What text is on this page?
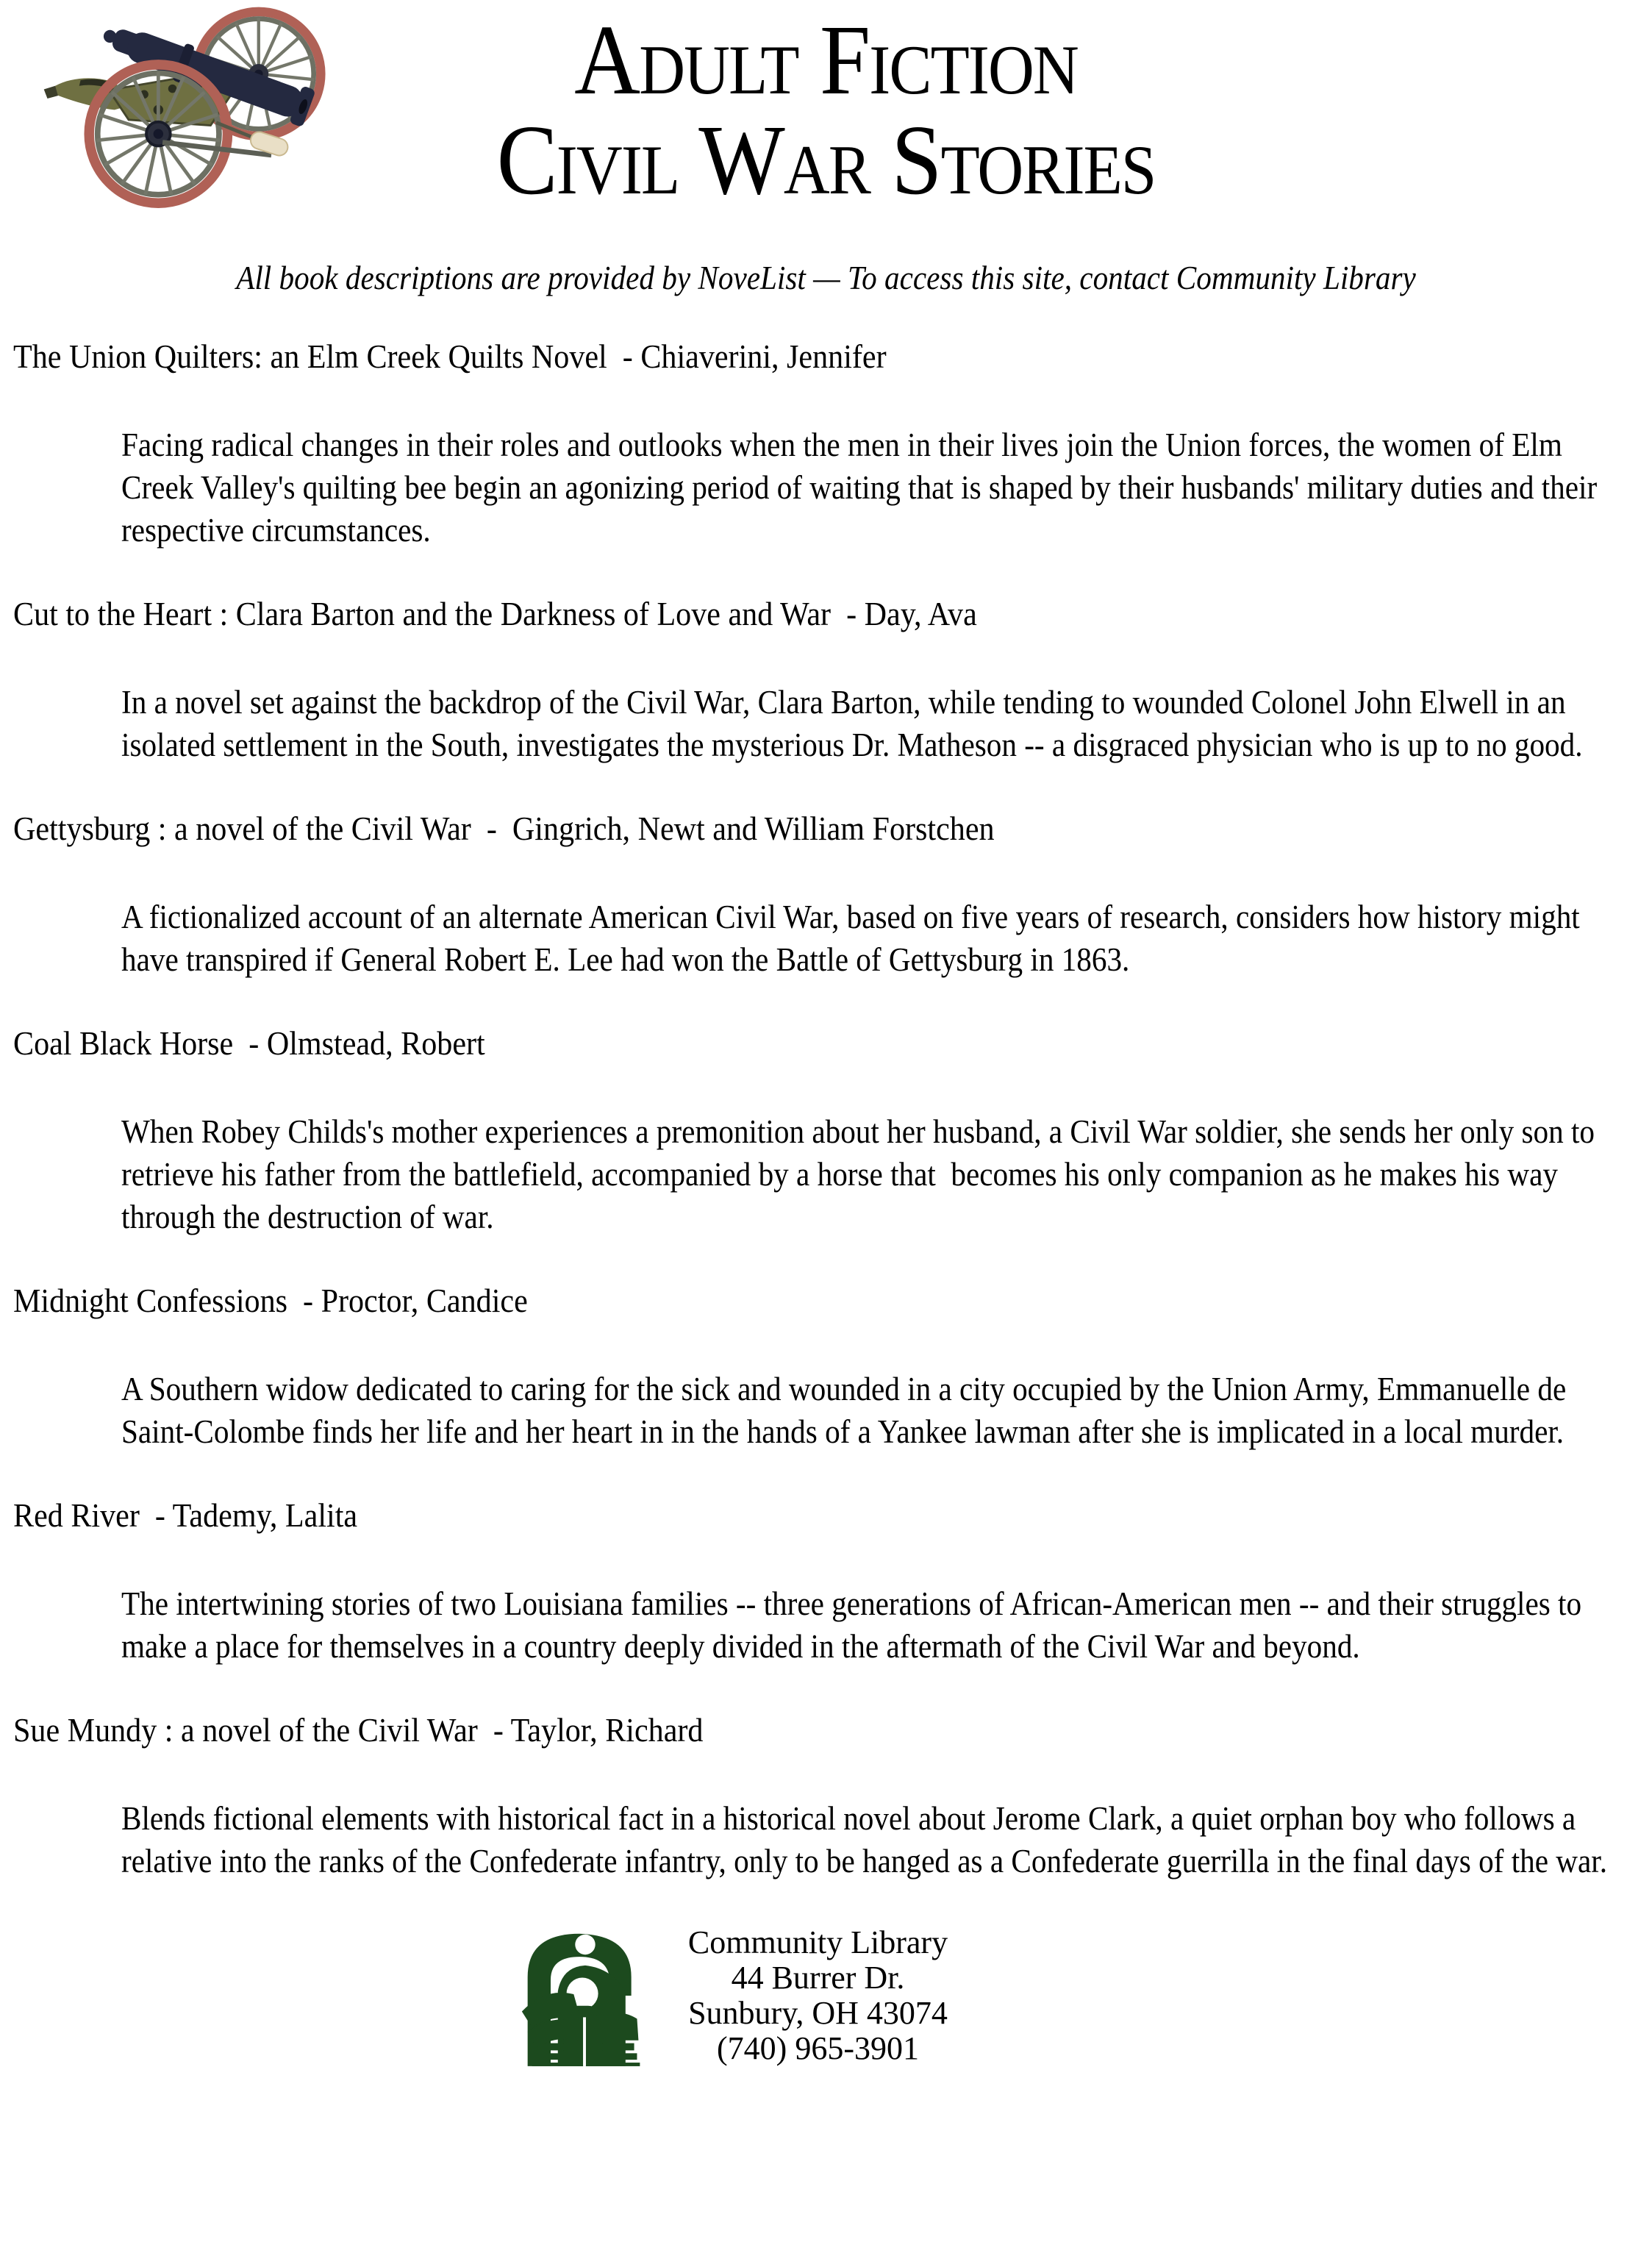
Adult Fiction
Civil War Stories

All book descriptions are provided by NoveList — To access this site, contact Community Library

The Union Quilters: an Elm Creek Quilts Novel  - Chiaverini, Jennifer

Facing radical changes in their roles and outlooks when the men in their lives join the Union forces, the women of Elm Creek Valley's quilting bee begin an agonizing period of waiting that is shaped by their husbands' military duties and their  respective circumstances.

Cut to the Heart : Clara Barton and the Darkness of Love and War  - Day, Ava

In a novel set against the backdrop of the Civil War, Clara Barton, while tending to wounded Colonel John Elwell in an isolated settlement in the South, investigates the mysterious Dr. Matheson -- a disgraced physician who is up to no good.

Gettysburg : a novel of the Civil War  -  Gingrich, Newt and William Forstchen

A fictionalized account of an alternate American Civil War, based on five years of research, considers how history might have transpired if General Robert E. Lee had won the Battle of Gettysburg in 1863.

Coal Black Horse  - Olmstead, Robert

When Robey Childs's mother experiences a premonition about her husband, a Civil War soldier, she sends her only son to retrieve his father from the battlefield, accompanied by a horse that  becomes his only companion as he makes his way through the destruction of war.

Midnight Confessions  - Proctor, Candice

A Southern widow dedicated to caring for the sick and wounded in a city occupied by the Union Army, Emmanuelle de Saint-Colombe finds her life and her heart in in the hands of a Yankee lawman after she is implicated in a local murder.

Red River  - Tademy, Lalita

The intertwining stories of two Louisiana families -- three generations of African-American men -- and their struggles to make a place for themselves in a country deeply divided in the aftermath of the Civil War and beyond.

Sue Mundy : a novel of the Civil War  - Taylor, Richard

Blends fictional elements with historical fact in a historical novel about Jerome Clark, a quiet orphan boy who follows a relative into the ranks of the Confederate infantry, only to be hanged as a Confederate guerrilla in the final days of the war.

Community Library
44 Burrer Dr.
Sunbury, OH 43074
(740) 965-3901
